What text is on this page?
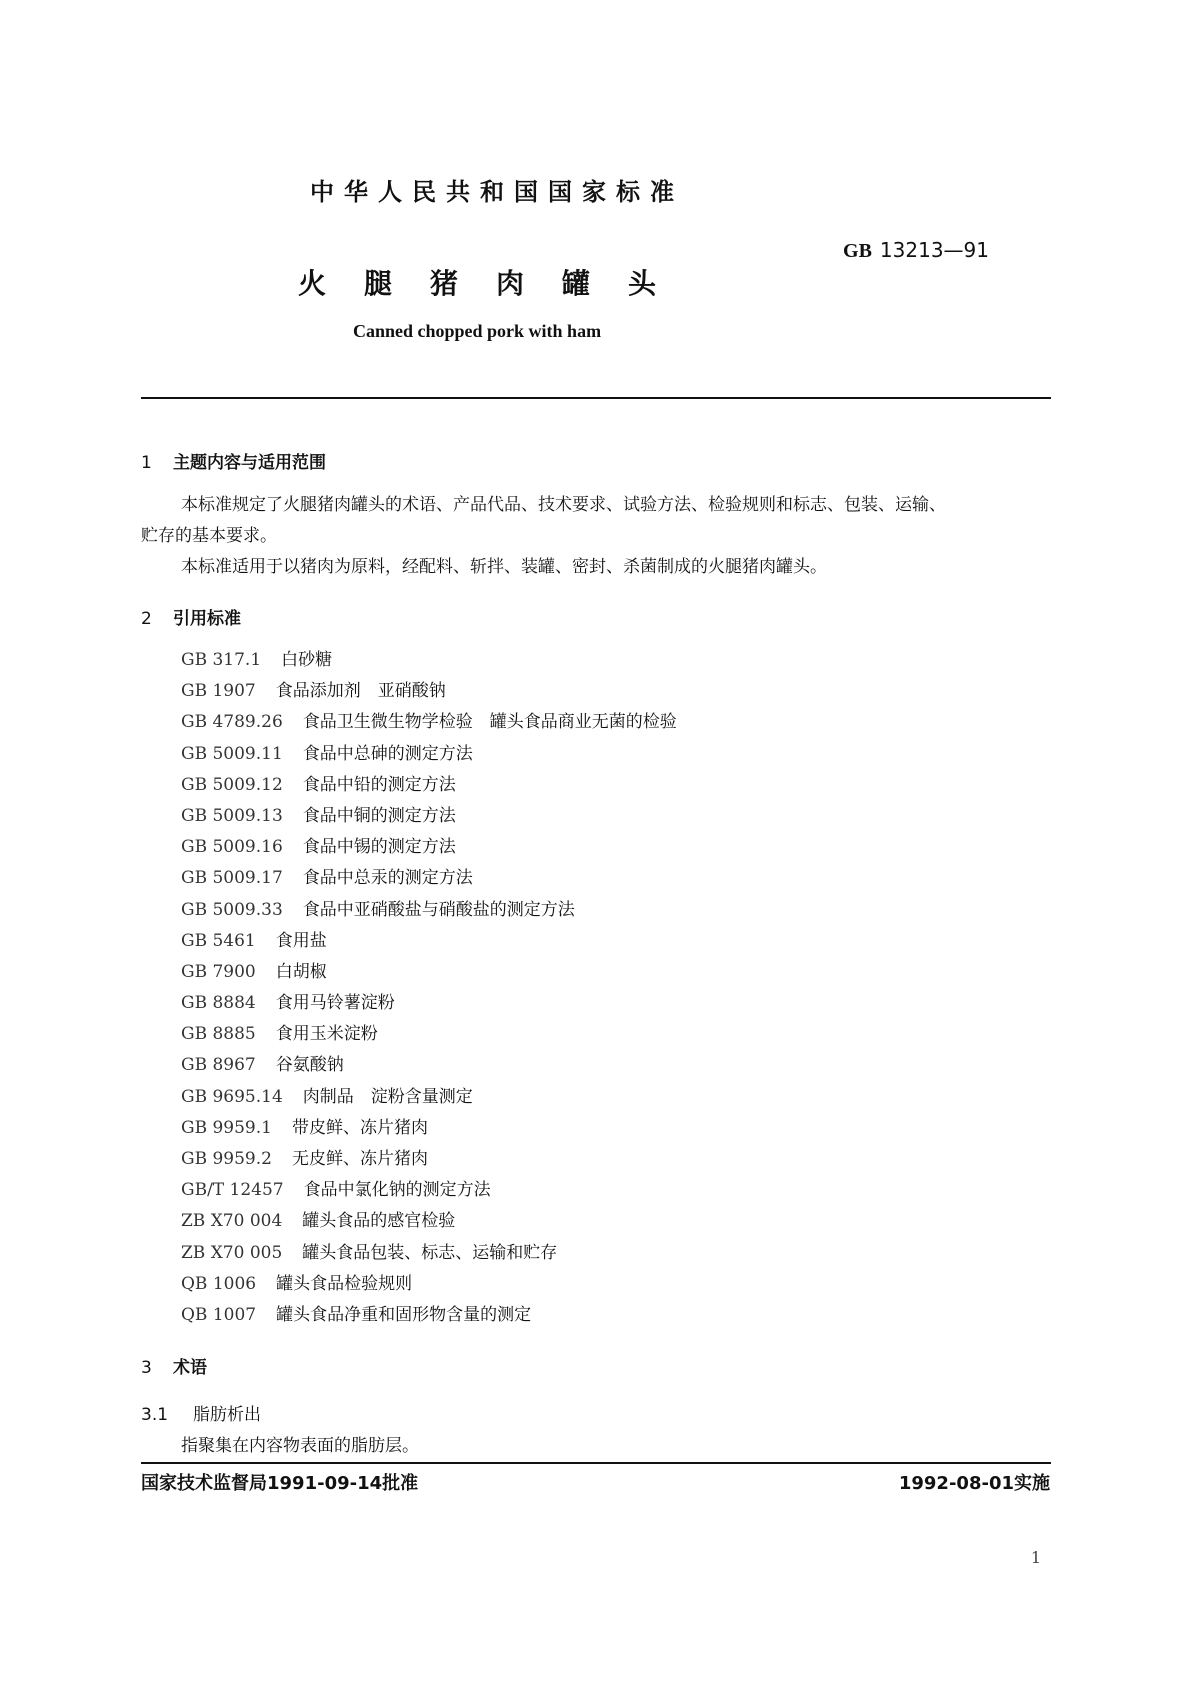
中华人民共和国国家标准
GB 13213—91
火腿猪肉罐头
Canned chopped pork with ham
1 主题内容与适用范围

本标准规定了火腿猪肉罐头的术语、产品代品、技术要求、试验方法、检验规则和标志、包装、运输、

贮存的基本要求。

本标准适用于以猪肉为原料，经配料、斩拌、装罐、密封、杀菌制成的火腿猪肉罐头。

2 引用标准
GB 317.1 白砂糖
GB 1907 食品添加剂　亚硝酸钠
GB 4789.26 食品卫生微生物学检验　罐头食品商业无菌的检验
GB 5009.11 食品中总砷的测定方法
GB 5009.12 食品中铅的测定方法
GB 5009.13 食品中铜的测定方法
GB 5009.16 食品中锡的测定方法
GB 5009.17 食品中总汞的测定方法
GB 5009.33 食品中亚硝酸盐与硝酸盐的测定方法
GB 5461 食用盐
GB 7900 白胡椒
GB 8884 食用马铃薯淀粉
GB 8885 食用玉米淀粉
GB 8967 谷氨酸钠
GB 9695.14 肉制品　淀粉含量测定
GB 9959.1 带皮鲜、冻片猪肉
GB 9959.2 无皮鲜、冻片猪肉
GB/T 12457 食品中氯化钠的测定方法
ZB X70 004 罐头食品的感官检验
ZB X70 005 罐头食品包装、标志、运输和贮存
QB 1006 罐头食品检验规则
QB 1007 罐头食品净重和固形物含量的测定
3 术语
3.1 脂肪析出
指聚集在内容物表面的脂肪层。
国家技术监督局1991-09-14批准	1992-08-01实施
1
